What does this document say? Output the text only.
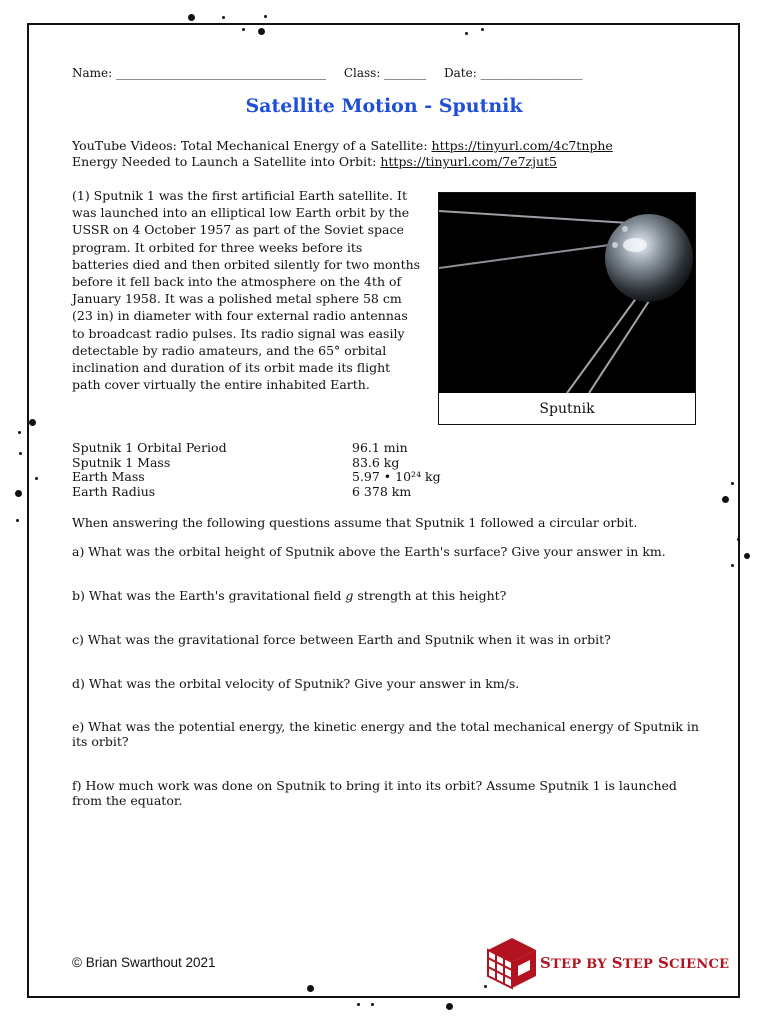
Name: ___________________________________ Class: _______ Date: _________________
Satellite Motion - Sputnik
YouTube Videos: Total Mechanical Energy of a Satellite: https://tinyurl.com/4c7tnphe
Energy Needed to Launch a Satellite into Orbit: https://tinyurl.com/7e7zjut5
(1) Sputnik 1 was the first artificial Earth satellite. It was launched into an elliptical low Earth orbit by the USSR on 4 October 1957 as part of the Soviet space program. It orbited for three weeks before its batteries died and then orbited silently for two months before it fell back into the atmosphere on the 4th of January 1958. It was a polished metal sphere 58 cm (23 in) in diameter with four external radio antennas to broadcast radio pulses. Its radio signal was easily detectable by radio amateurs, and the 65° orbital inclination and duration of its orbit made its flight path cover virtually the entire inhabited Earth.
Sputnik
Sputnik 1 Orbital Period	96.1 min
Sputnik 1 Mass	83.6 kg
Earth Mass	5.97 • 10²⁴ kg
Earth Radius	6 378 km
When answering the following questions assume that Sputnik 1 followed a circular orbit.
a) What was the orbital height of Sputnik above the Earth's surface? Give your answer in km.
b) What was the Earth's gravitational field g strength at this height?
c) What was the gravitational force between Earth and Sputnik when it was in orbit?
d) What was the orbital velocity of Sputnik? Give your answer in km/s.
e) What was the potential energy, the kinetic energy and the total mechanical energy of Sputnik in its orbit?
f) How much work was done on Sputnik to bring it into its orbit? Assume Sputnik 1 is launched from the equator.
© Brian Swarthout 2021	STEP BY STEP SCIENCE
